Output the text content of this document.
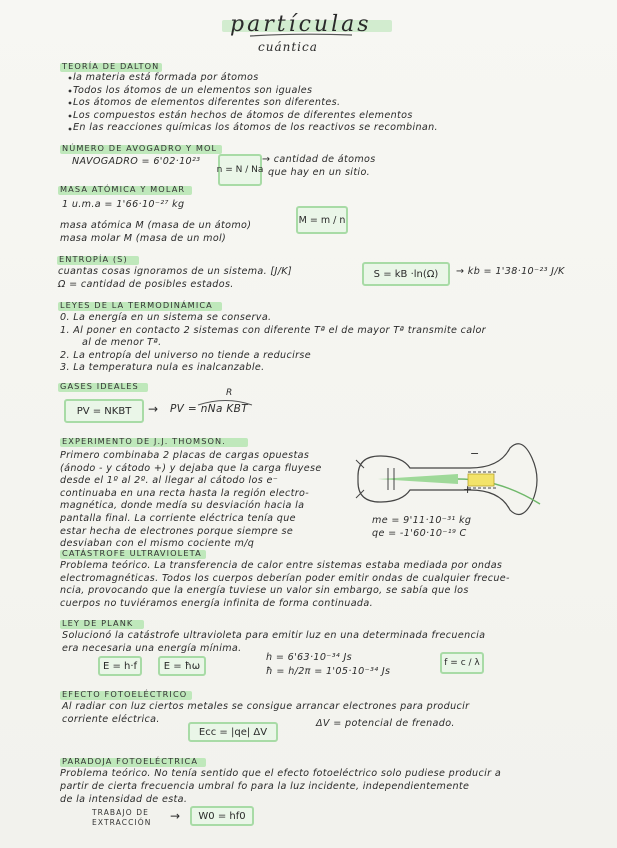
partículas
cuántica
TEORÍA DE DALTON
la materia está formada por átomos
Todos los átomos de un elementos son iguales
Los átomos de elementos diferentes son diferentes.
Los compuestos están hechos de átomos de diferentes elementos
En las reacciones químicas los átomos de los reactivos se recombinan.
NÚMERO DE AVOGADRO Y MOL
NAVOGADRO = 6'02·10²³
n = N / Na
→ cantidad de átomos
que hay en un sitio.
MASA ATÓMICA Y MOLAR
1 u.m.a = 1'66·10⁻²⁷ kg
masa atómica M (masa de un átomo)
masa molar M (masa de un mol)
M = m / n
ENTROPÍA (S)
cuantas cosas ignoramos de un sistema. [J/K]
Ω = cantidad de posibles estados.
S = kB ·ln(Ω) → kb = 1'38·10⁻²³ J/K
LEYES DE LA TERMODINÁMICA
0. La energía en un sistema se conserva.
1. Al poner en contacto 2 sistemas con diferente Tª el de mayor Tª transmite calor
al de menor Tª.
2. La entropía del universo no tiende a reducirse
3. La temperatura nula es inalcanzable.
GASES IDEALES
PV = NKBT →
R
PV = nNa KBT
EXPERIMENTO DE J.J. THOMSON.
Primero combinaba 2 placas de cargas opuestas
(ánodo - y cátodo +) y dejaba que la carga fluyese
desde el 1º al 2º. al llegar al cátodo los e⁻
continuaba en una recta hasta la región electro-
magnética, donde medía su desviación hacia la
pantalla final. La corriente eléctrica tenía que
estar hecha de electrones porque siempre se
desviaban con el mismo cociente m/q
−
+
me = 9'11·10⁻³¹ kg
qe = -1'60·10⁻¹⁹ C
CATÁSTROFE ULTRAVIOLETA
Problema teórico. La transferencia de calor entre sistemas estaba mediada por ondas
electromagnéticas. Todos los cuerpos deberían poder emitir ondas de cualquier frecue-
ncia, provocando que la energía tuviese un valor sin embargo, se sabía que los
cuerpos no tuviéramos energía infinita de forma continuada.
LEY DE PLANK
Solucionó la catástrofe ultravioleta para emitir luz en una determinada frecuencia
era necesaria una energía mínima.
E = h·f	E = ħω
h = 6'63·10⁻³⁴ Js
ħ = h/2π = 1'05·10⁻³⁴ Js
f = c / λ
EFECTO FOTOELÉCTRICO
Al radiar con luz ciertos metales se consigue arrancar electrones para producir
corriente eléctrica.
Ecc = |qe| ΔV
ΔV = potencial de frenado.
PARADOJA FOTOELÉCTRICA
Problema teórico. No tenía sentido que el efecto fotoeléctrico solo pudiese producir a
partir de cierta frecuencia umbral fo para la luz incidente, independientemente
de la intensidad de esta.
TRABAJO DE
EXTRACCIÓN → W0 = hf0
